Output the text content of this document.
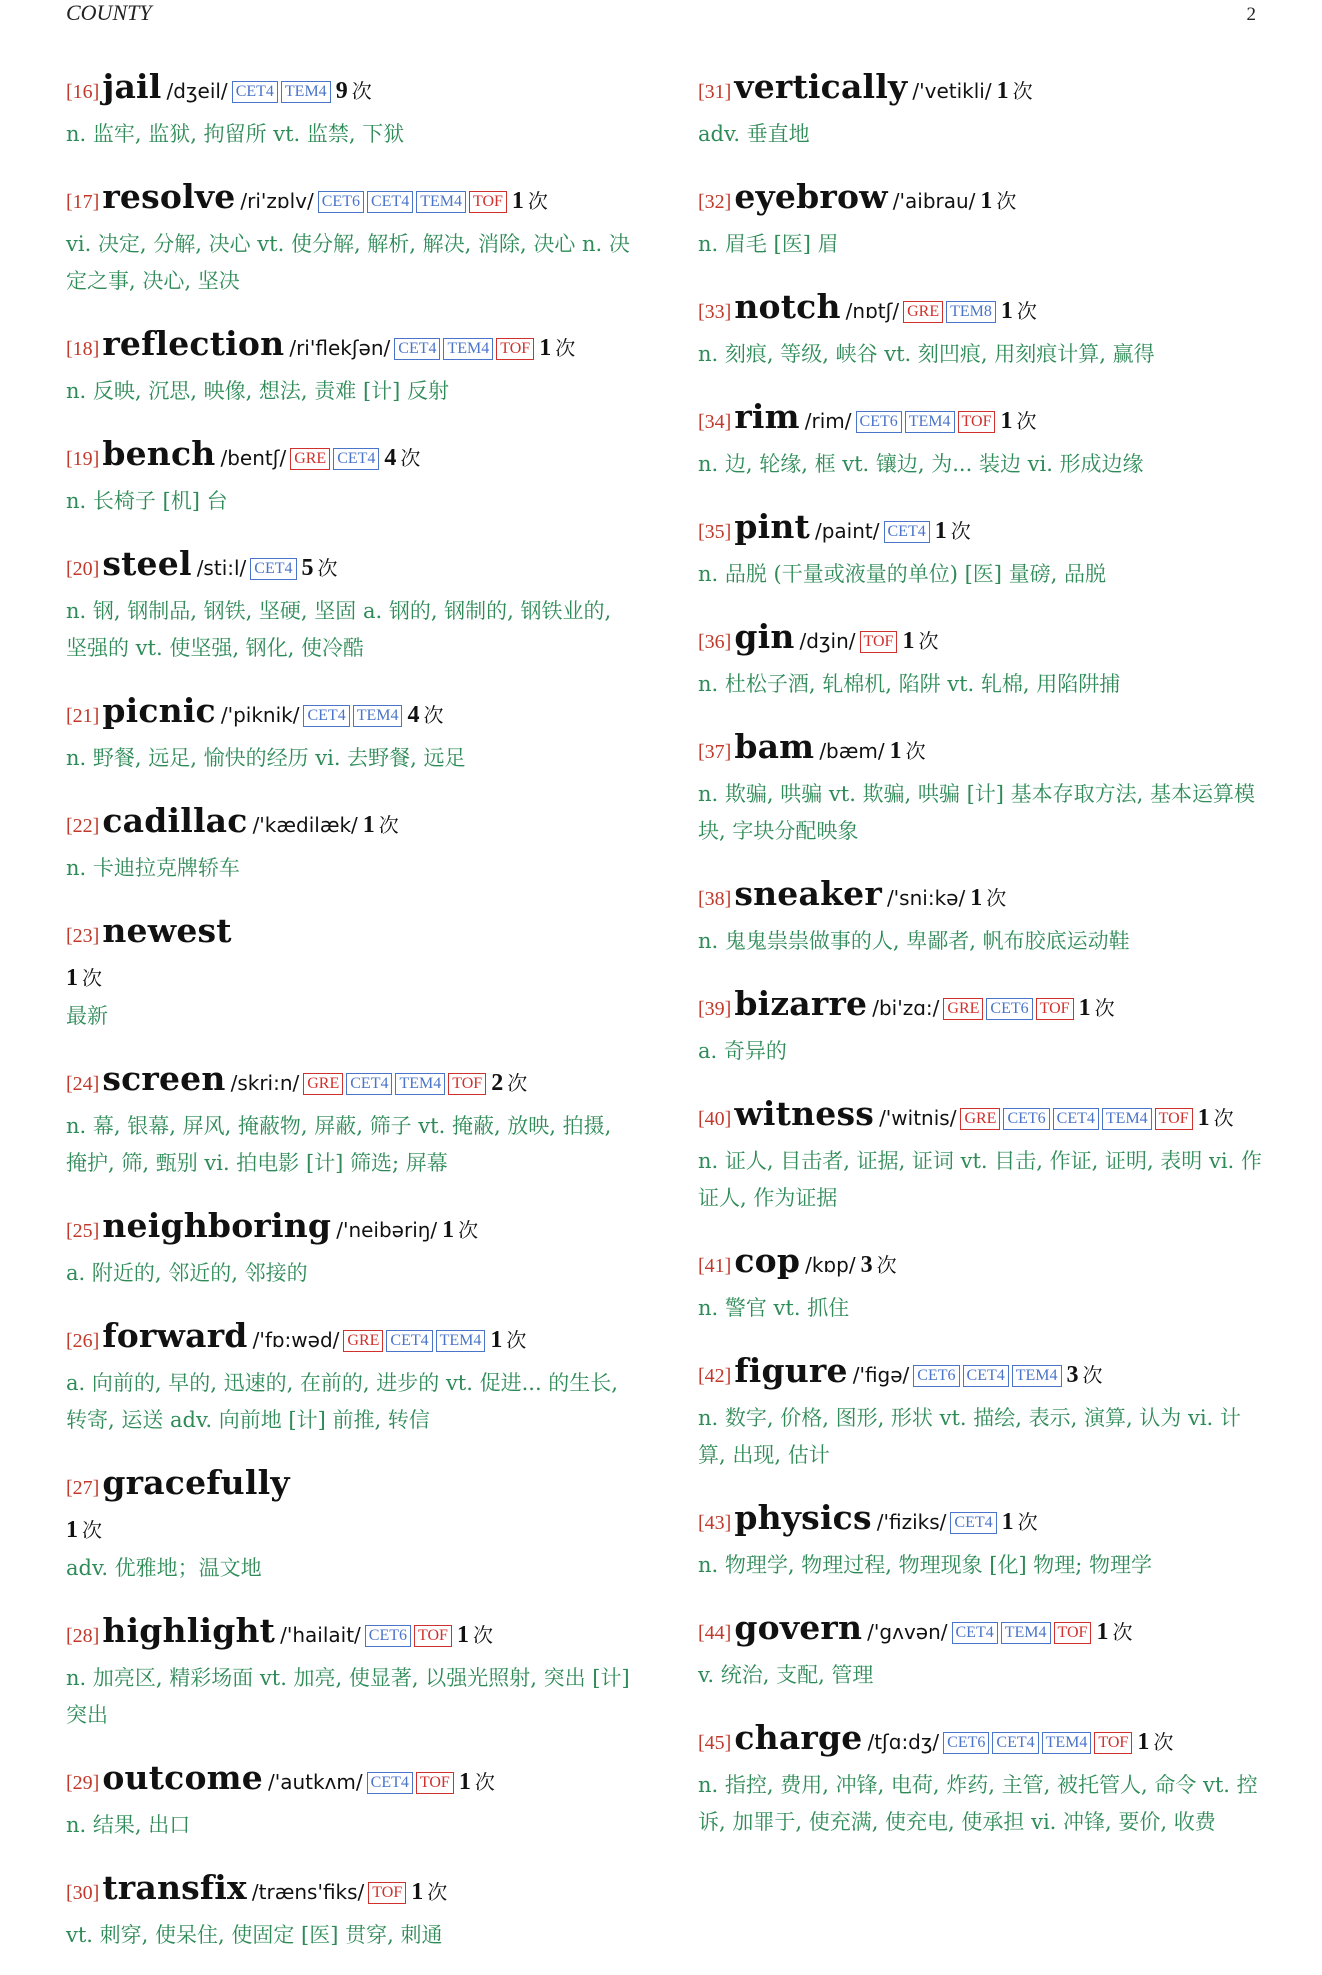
COUNTY	2
[16]jail /dʒeil/ CET4 TEM4 9 次

n. 监牢, 监狱, 拘留所 vt. 监禁, 下狱

[17]resolve /ri'zɒlv/ CET6 CET4 TEM4 TOF 1 次

vi. 决定, 分解, 决心 vt. 使分解, 解析, 解决, 消除, 决心 n. 决定之事, 决心, 坚决

[18]reflection /ri'flekʃən/ CET4 TEM4 TOF 1 次

n. 反映, 沉思, 映像, 想法, 责难 [计] 反射

[19]bench /bentʃ/ GRE CET4 4 次

n. 长椅子 [机] 台

[20]steel /sti:l/ CET4 5 次

n. 钢, 钢制品, 钢铁, 坚硬, 坚固 a. 钢的, 钢制的, 钢铁业的, 坚强的 vt. 使坚强, 钢化, 使冷酷

[21]picnic /'piknik/ CET4 TEM4 4 次

n. 野餐, 远足, 愉快的经历 vi. 去野餐, 远足

[22]cadillac /'kædilæk/ 1 次

n. 卡迪拉克牌轿车

[23]newest
1 次

最新

[24]screen /skri:n/ GRE CET4 TEM4 TOF 2 次

n. 幕, 银幕, 屏风, 掩蔽物, 屏蔽, 筛子 vt. 掩蔽, 放映, 拍摄, 掩护, 筛, 甄别 vi. 拍电影 [计] 筛选; 屏幕

[25]neighboring /'neibəriŋ/ 1 次

a. 附近的, 邻近的, 邻接的

[26]forward /'fɒ:wəd/ GRE CET4 TEM4 1 次

a. 向前的, 早的, 迅速的, 在前的, 进步的 vt. 促进... 的生长, 转寄, 运送 adv. 向前地 [计] 前推, 转信

[27]gracefully
1 次

adv. 优雅地；温文地

[28]highlight /'hailait/ CET6 TOF 1 次

n. 加亮区, 精彩场面 vt. 加亮, 使显著, 以强光照射, 突出 [计] 突出

[29]outcome /'autkʌm/ CET4 TOF 1 次

n. 结果, 出口

[30]transfix /træns'fiks/ TOF 1 次

vt. 刺穿, 使呆住, 使固定 [医] 贯穿, 刺通

[31]vertically /'vetikli/ 1 次

adv. 垂直地

[32]eyebrow /'aibrau/ 1 次

n. 眉毛 [医] 眉

[33]notch /nɒtʃ/ GRE TEM8 1 次

n. 刻痕, 等级, 峡谷 vt. 刻凹痕, 用刻痕计算, 赢得

[34]rim /rim/ CET6 TEM4 TOF 1 次

n. 边, 轮缘, 框 vt. 镶边, 为... 装边 vi. 形成边缘

[35]pint /paint/ CET4 1 次

n. 品脱 (干量或液量的单位) [医] 量磅, 品脱

[36]gin /dʒin/ TOF 1 次

n. 杜松子酒, 轧棉机, 陷阱 vt. 轧棉, 用陷阱捕

[37]bam /bæm/ 1 次

n. 欺骗, 哄骗 vt. 欺骗, 哄骗 [计] 基本存取方法, 基本运算模块, 字块分配映象

[38]sneaker /'sni:kə/ 1 次

n. 鬼鬼祟祟做事的人, 卑鄙者, 帆布胶底运动鞋

[39]bizarre /bi'zɑ:/ GRE CET6 TOF 1 次

a. 奇异的

[40]witness /'witnis/ GRE CET6 CET4 TEM4 TOF 1 次

n. 证人, 目击者, 证据, 证词 vt. 目击, 作证, 证明, 表明 vi. 作证人, 作为证据

[41]cop /kɒp/ 3 次

n. 警官 vt. 抓住

[42]figure /'figə/ CET6 CET4 TEM4 3 次

n. 数字, 价格, 图形, 形状 vt. 描绘, 表示, 演算, 认为 vi. 计算, 出现, 估计

[43]physics /'fiziks/ CET4 1 次

n. 物理学, 物理过程, 物理现象 [化] 物理; 物理学

[44]govern /'gʌvən/ CET4 TEM4 TOF 1 次

v. 统治, 支配, 管理

[45]charge /tʃɑ:dʒ/ CET6 CET4 TEM4 TOF 1 次

n. 指控, 费用, 冲锋, 电荷, 炸药, 主管, 被托管人, 命令 vt. 控诉, 加罪于, 使充满, 使充电, 使承担 vi. 冲锋, 要价, 收费
